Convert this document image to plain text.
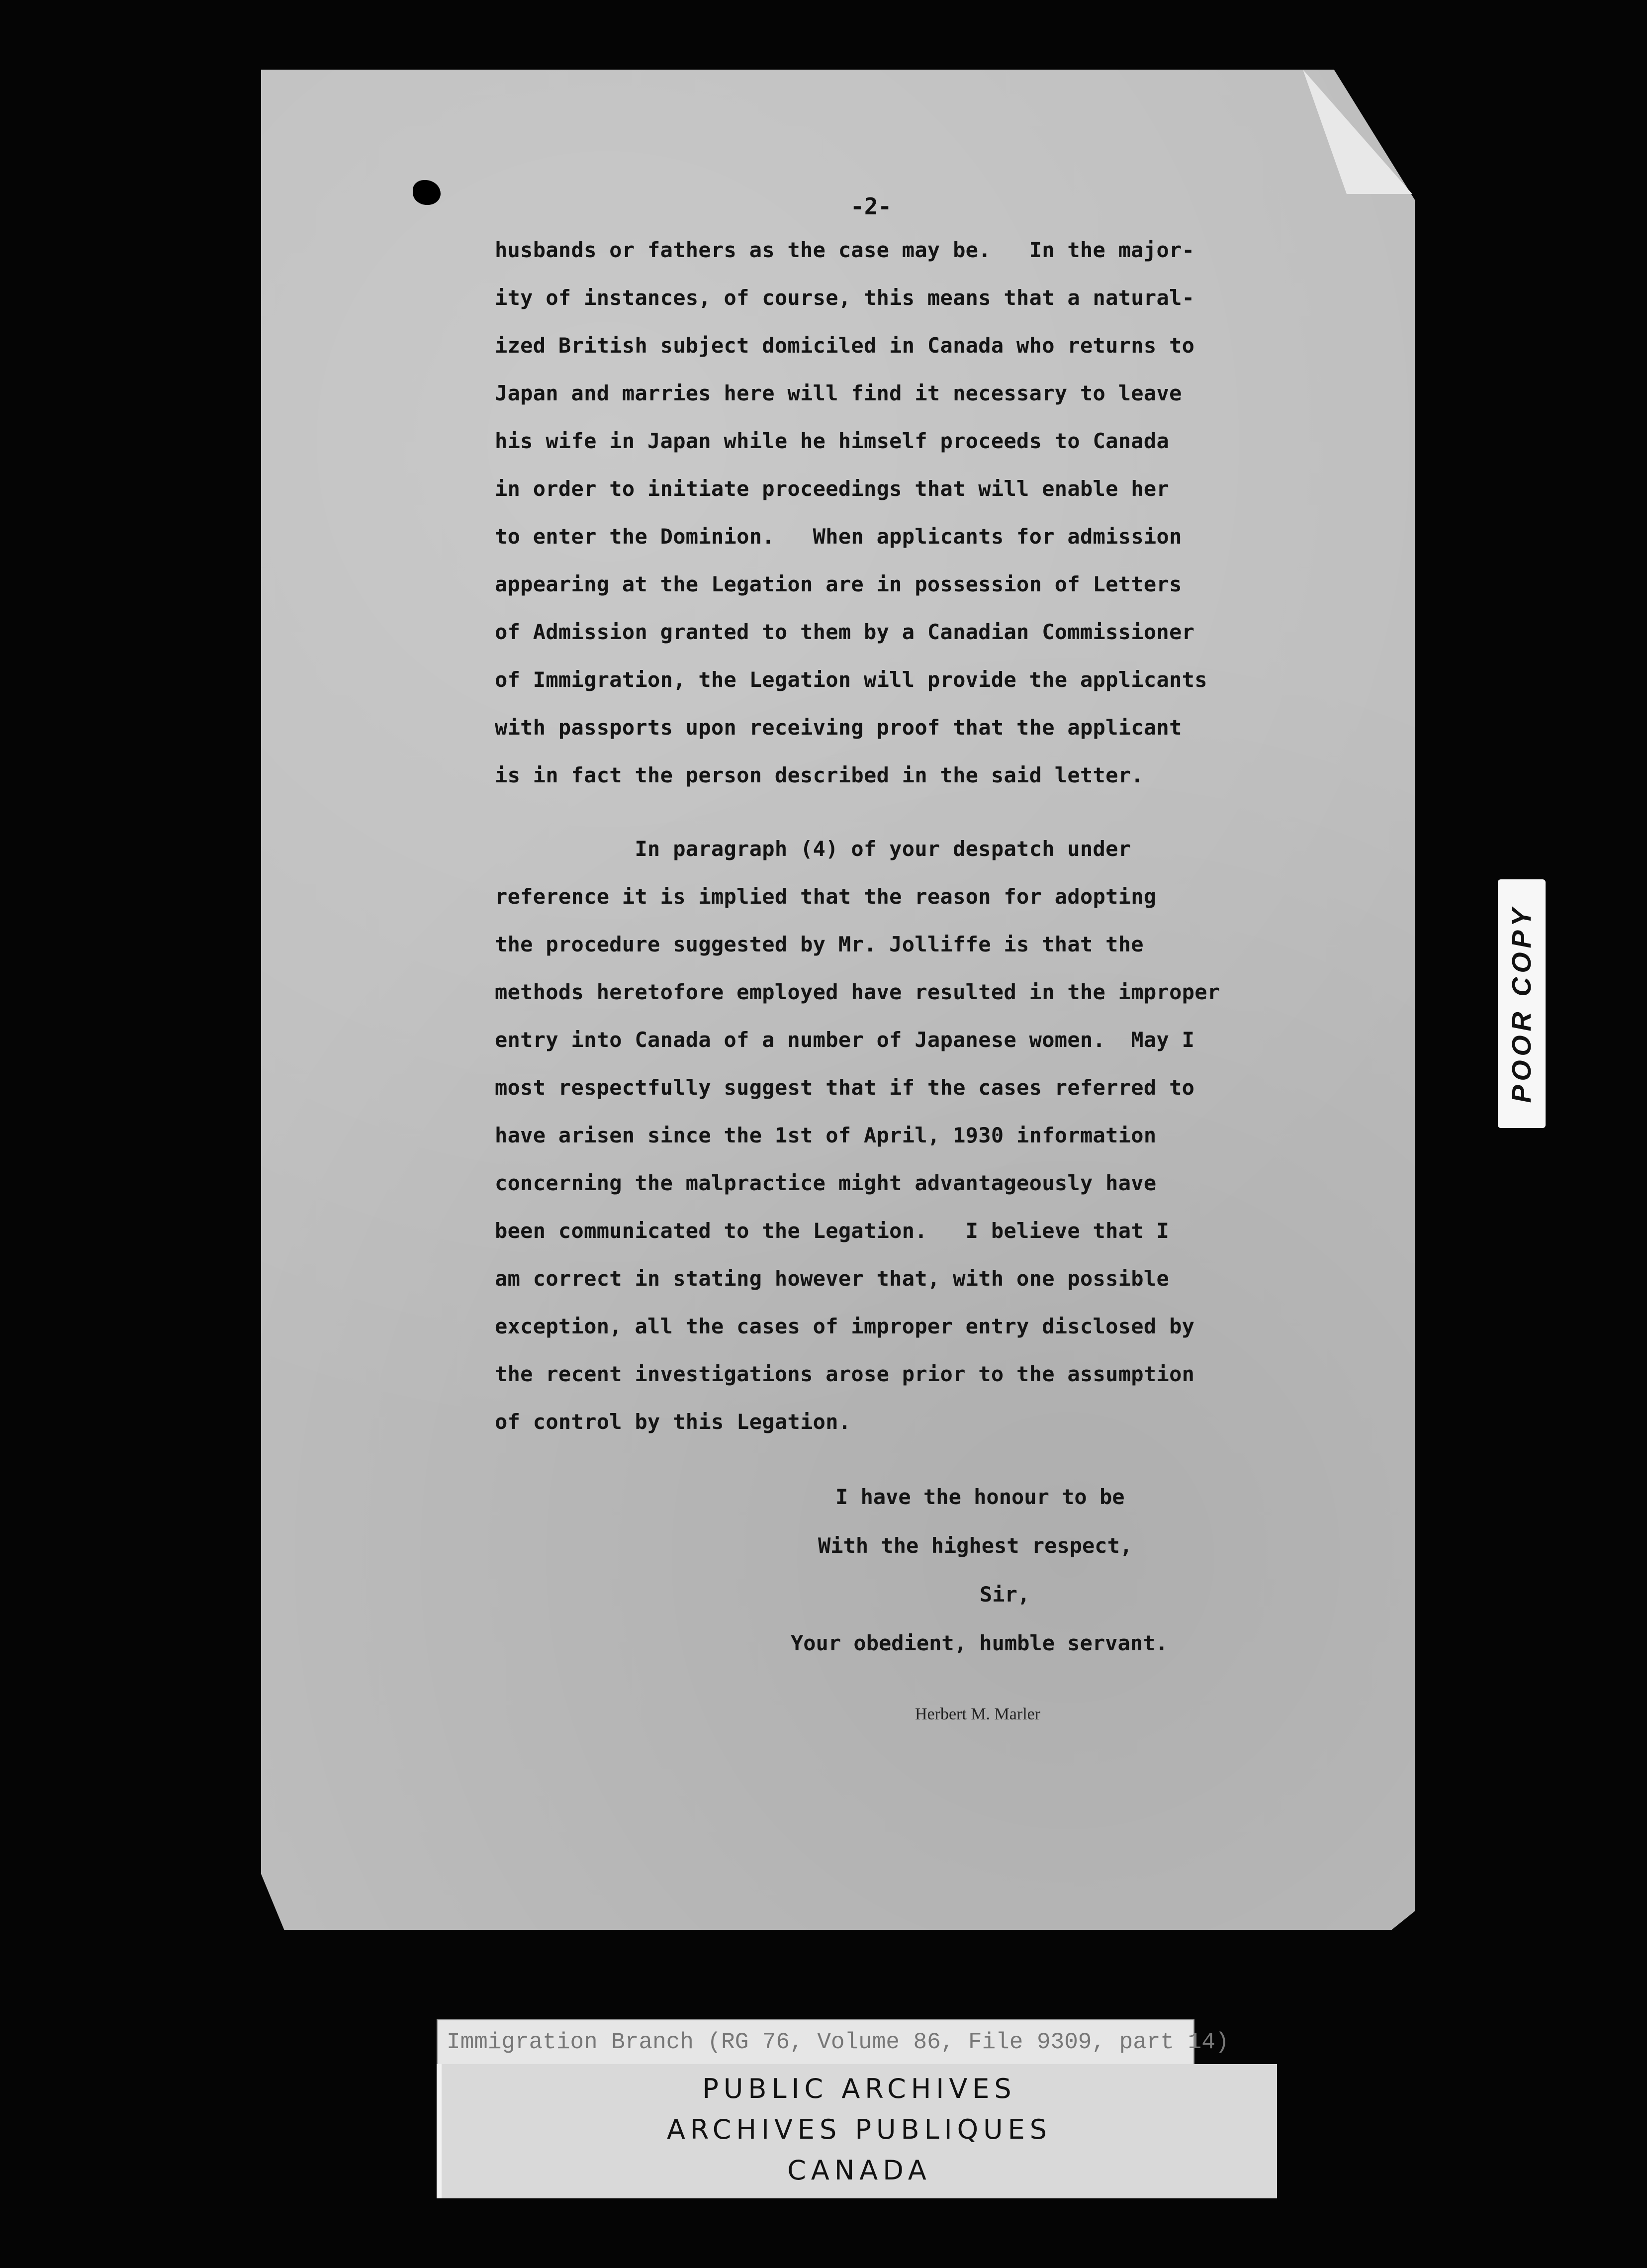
-2-
husbands or fathers as the case may be.   In the major-
ity of instances, of course, this means that a natural-
ized British subject domiciled in Canada who returns to
Japan and marries here will find it necessary to leave
his wife in Japan while he himself proceeds to Canada
in order to initiate proceedings that will enable her
to enter the Dominion.   When applicants for admission
appearing at the Legation are in possession of Letters
of Admission granted to them by a Canadian Commissioner
of Immigration, the Legation will provide the applicants
with passports upon receiving proof that the applicant
is in fact the person described in the said letter.
In paragraph (4) of your despatch under
reference it is implied that the reason for adopting
the procedure suggested by Mr. Jolliffe is that the
methods heretofore employed have resulted in the improper
entry into Canada of a number of Japanese women.  May I
most respectfully suggest that if the cases referred to
have arisen since the 1st of April, 1930 information
concerning the malpractice might advantageously have
been communicated to the Legation.   I believe that I
am correct in stating however that, with one possible
exception, all the cases of improper entry disclosed by
the recent investigations arose prior to the assumption
of control by this Legation.
I have the honour to be
With the highest respect,
Sir,
Your obedient, humble servant.
Herbert M. Marler
POOR COPY
Immigration Branch (RG 76, Volume 86, File 9309, part 14)
PUBLIC ARCHIVES
ARCHIVES PUBLIQUES
CANADA
